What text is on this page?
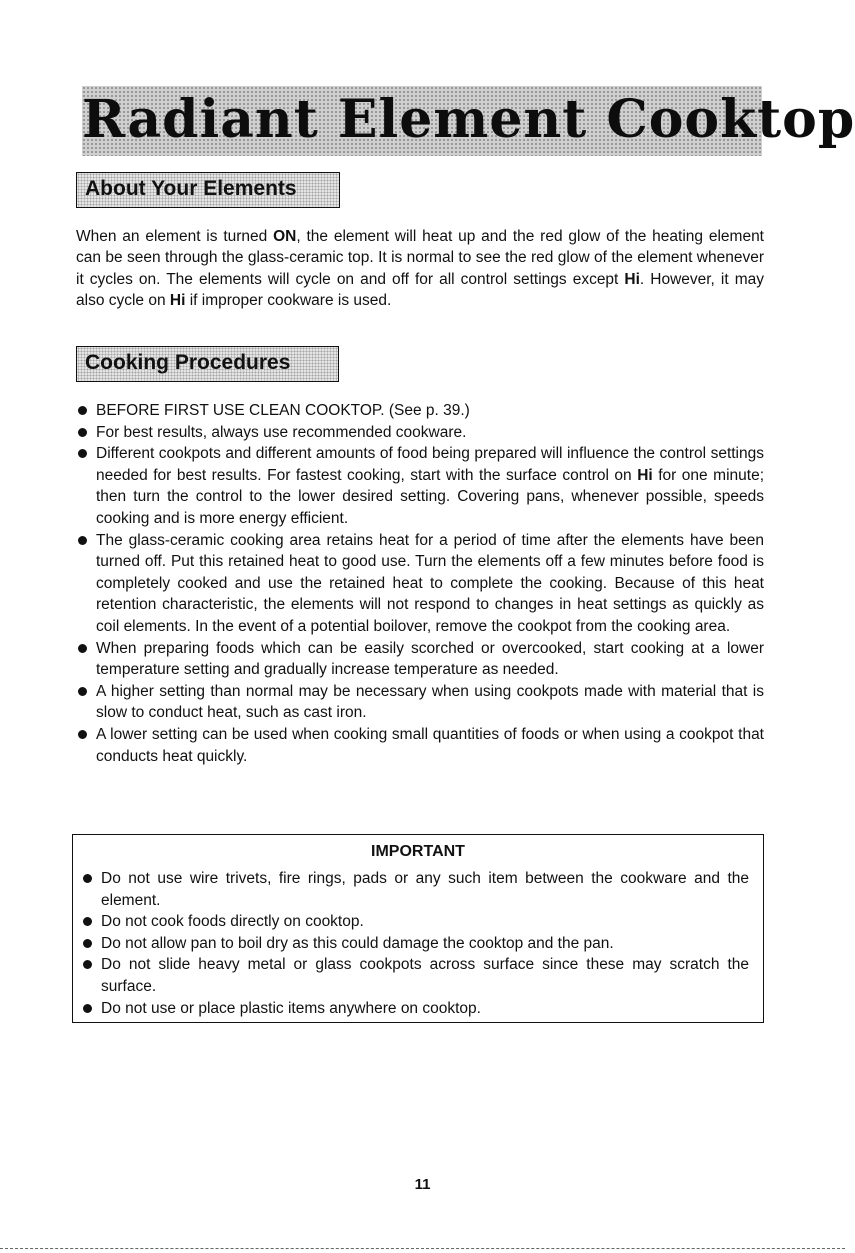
Radiant Element Cooktop
About Your Elements

When an element is turned ON, the element will heat up and the red glow of the heating element can be seen through the glass-ceramic top. It is normal to see the red glow of the element whenever it cycles on. The elements will cycle on and off for all control settings except Hi. However, it may also cycle on Hi if improper cookware is used.

Cooking Procedures
BEFORE FIRST USE CLEAN COOKTOP. (See p. 39.)
For best results, always use recommended cookware.
Different cookpots and different amounts of food being prepared will influence the control settings needed for best results. For fastest cooking, start with the surface control on Hi for one minute; then turn the control to the lower desired setting. Covering pans, whenever possible, speeds cooking and is more energy efficient.
The glass-ceramic cooking area retains heat for a period of time after the elements have been turned off. Put this retained heat to good use. Turn the elements off a few minutes before food is completely cooked and use the retained heat to complete the cooking. Because of this heat retention characteristic, the elements will not respond to changes in heat settings as quickly as coil elements. In the event of a potential boilover, remove the cookpot from the cooking area.
When preparing foods which can be easily scorched or overcooked, start cooking at a lower temperature setting and gradually increase temperature as needed.
A higher setting than normal may be necessary when using cookpots made with material that is slow to conduct heat, such as cast iron.
A lower setting can be used when cooking small quantities of foods or when using a cookpot that conducts heat quickly.
IMPORTANT
Do not use wire trivets, fire rings, pads or any such item between the cookware and the element.
Do not cook foods directly on cooktop.
Do not allow pan to boil dry as this could damage the cooktop and the pan.
Do not slide heavy metal or glass cookpots across surface since these may scratch the surface.
Do not use or place plastic items anywhere on cooktop.
11
